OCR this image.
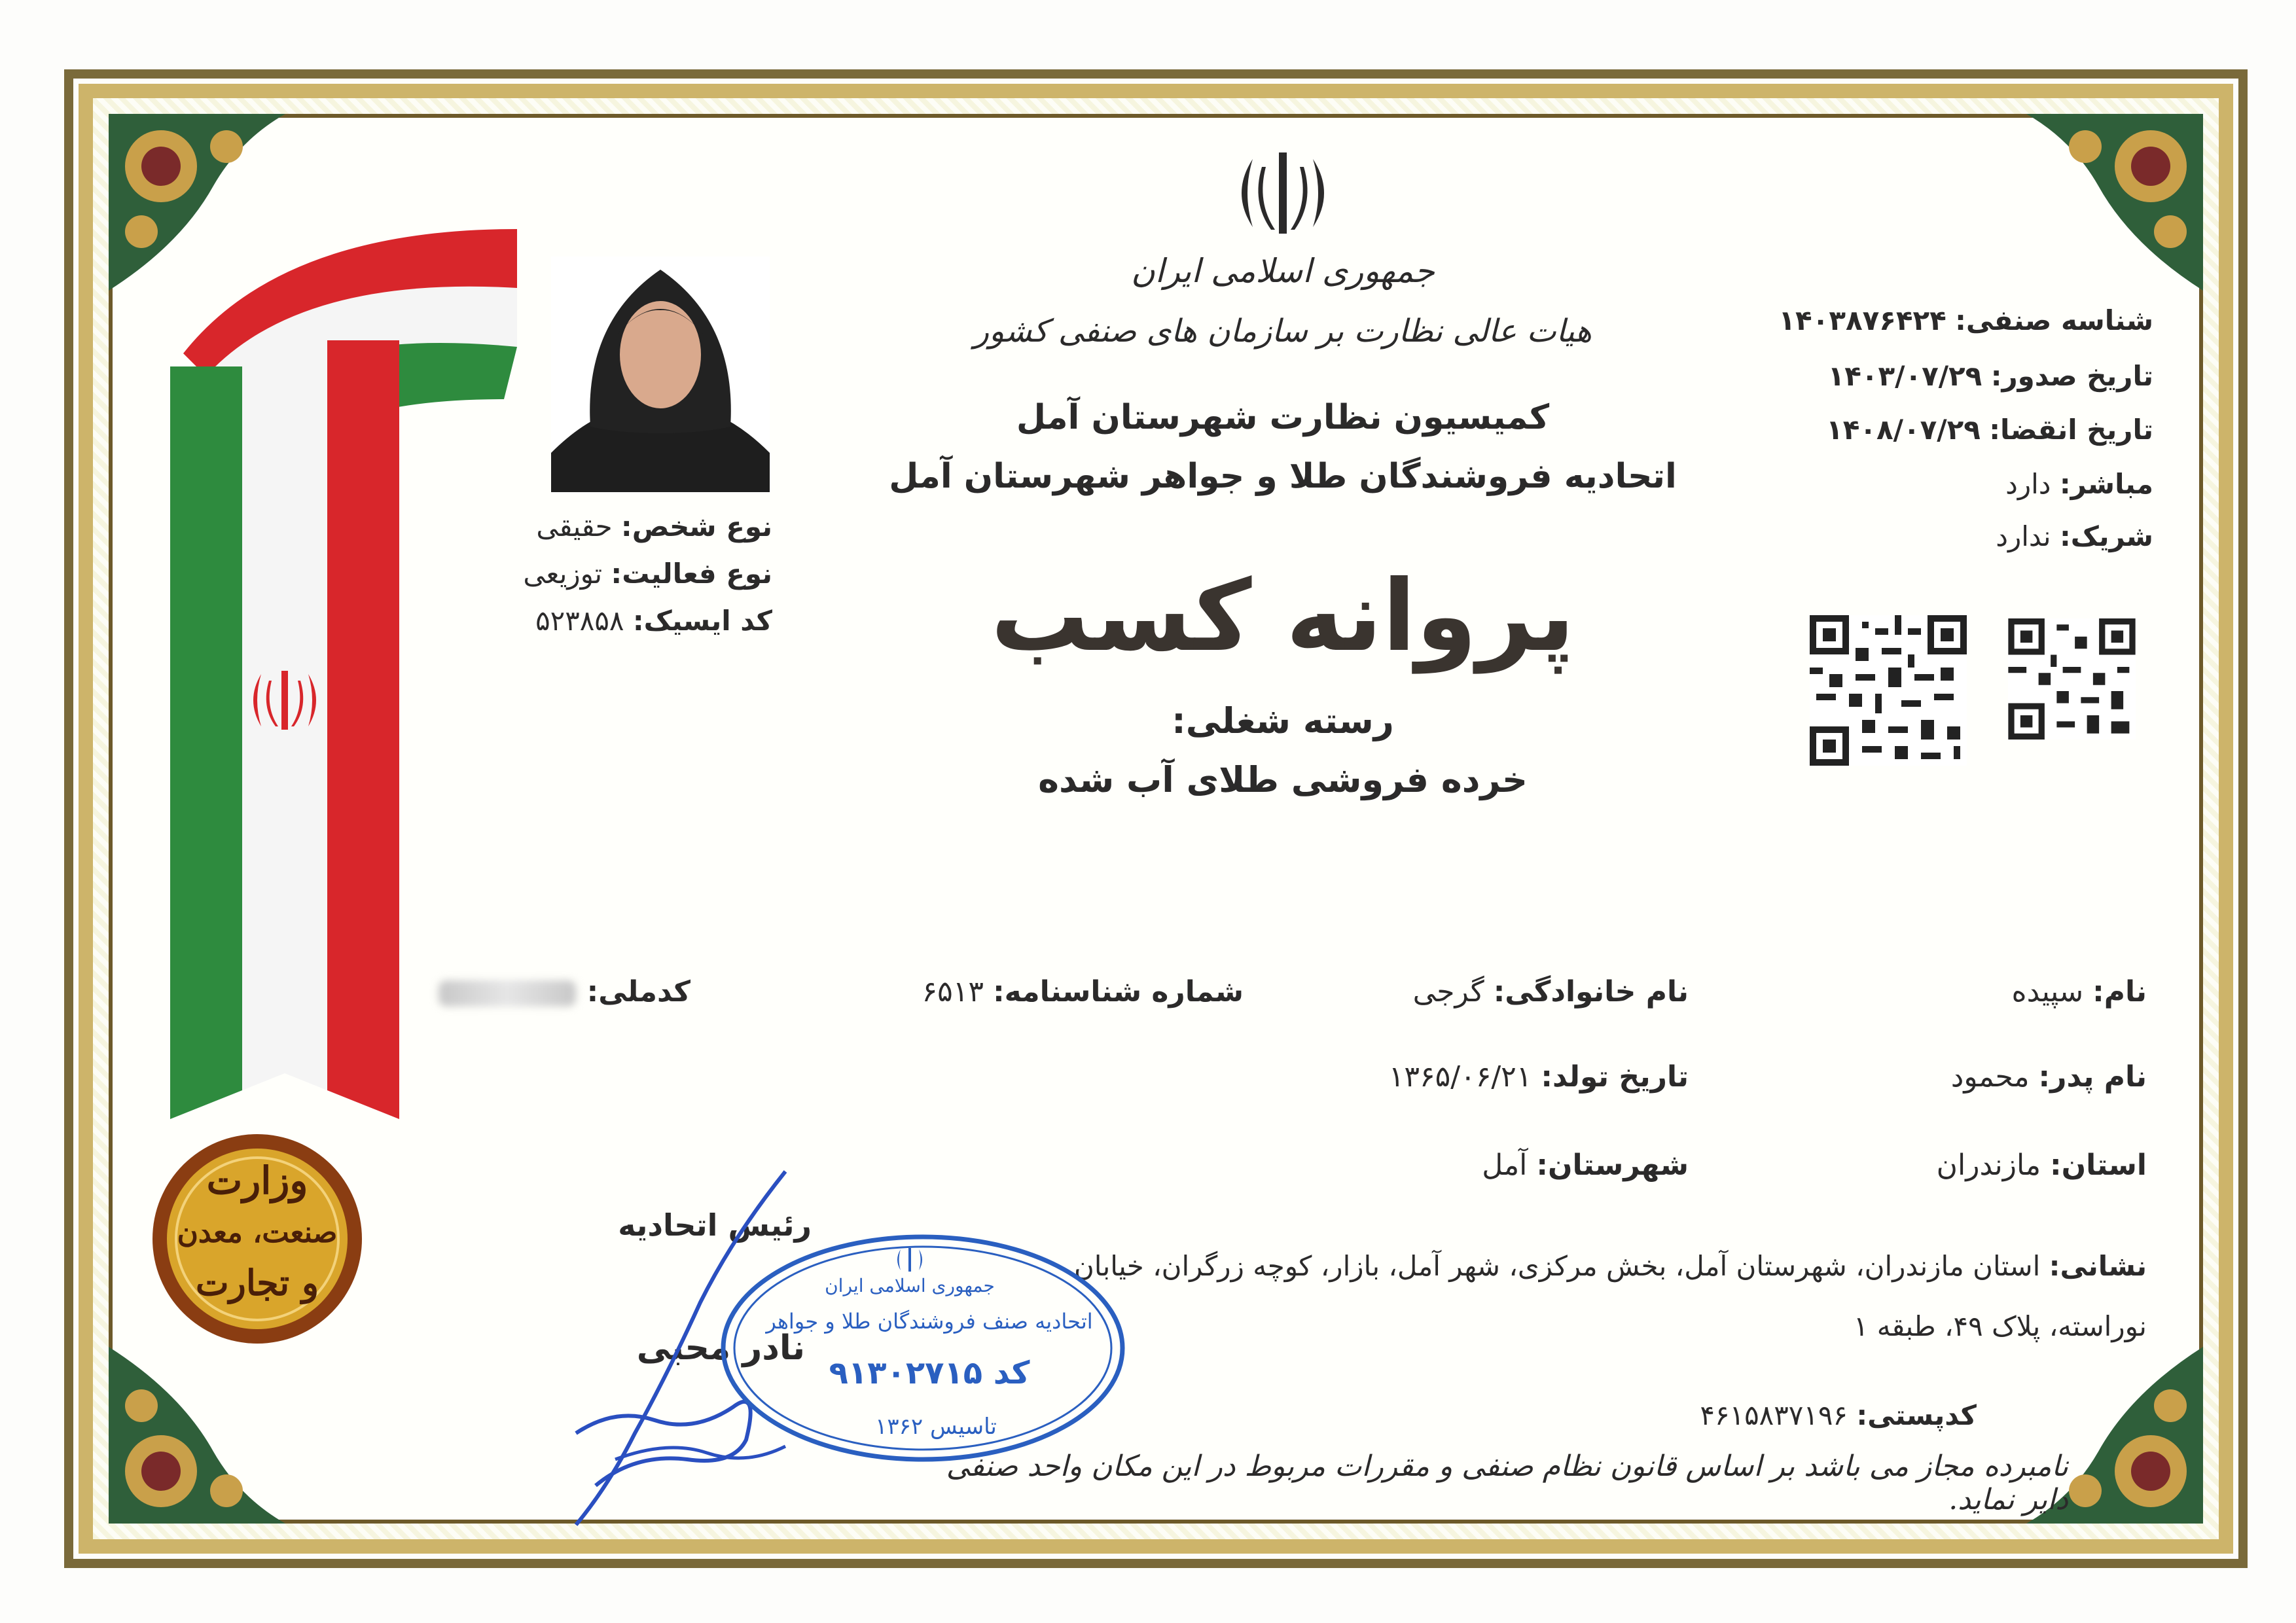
وزارت
صنعت، معدن
و تجارت
جمهوری اسلامی ایران
هیات عالی نظارت بر سازمان های صنفی کشور
کمیسیون نظارت شهرستان آمل
اتحادیه فروشندگان طلا و جواهر شهرستان آمل
پروانه کسب
رسته شغلی:
خرده فروشی طلای آب شده
نوع شخص: حقیقی
نوع فعالیت: توزیعی
کد ایسیک: ۵۲۳۸۵۸
شناسه صنفی: ۱۴۰۳۸۷۶۴۲۴
تاریخ صدور: ۱۴۰۳/۰۷/۲۹
تاریخ انقضا: ۱۴۰۸/۰۷/۲۹
مباشر: دارد
شریک: ندارد
نام: سپیده
نام خانوادگی: گرجی
شماره شناسنامه: ۶۵۱۳
کدملی:
نام پدر: محمود
تاریخ تولد: ۱۳۶۵/۰۶/۲۱
استان: مازندران
شهرستان: آمل
نشانی: استان مازندران، شهرستان آمل، بخش مرکزی، شهر آمل، بازار، کوچه زرگران، خیابان
نوراسته، پلاک ۴۹، طبقه ۱
کدپستی: ۴۶۱۵۸۳۷۱۹۶
نامبرده مجاز می باشد بر اساس قانون نظام صنفی و مقررات مربوط در این مکان واحد صنفی دایر نماید.
رئیس اتحادیه
نادر محبی
جمهوری اسلامی ایران
اتحادیه صنف فروشندگان طلا و جواهر
کد ۹۱۳۰۲۷۱۵
تاسیس ۱۳۶۲
